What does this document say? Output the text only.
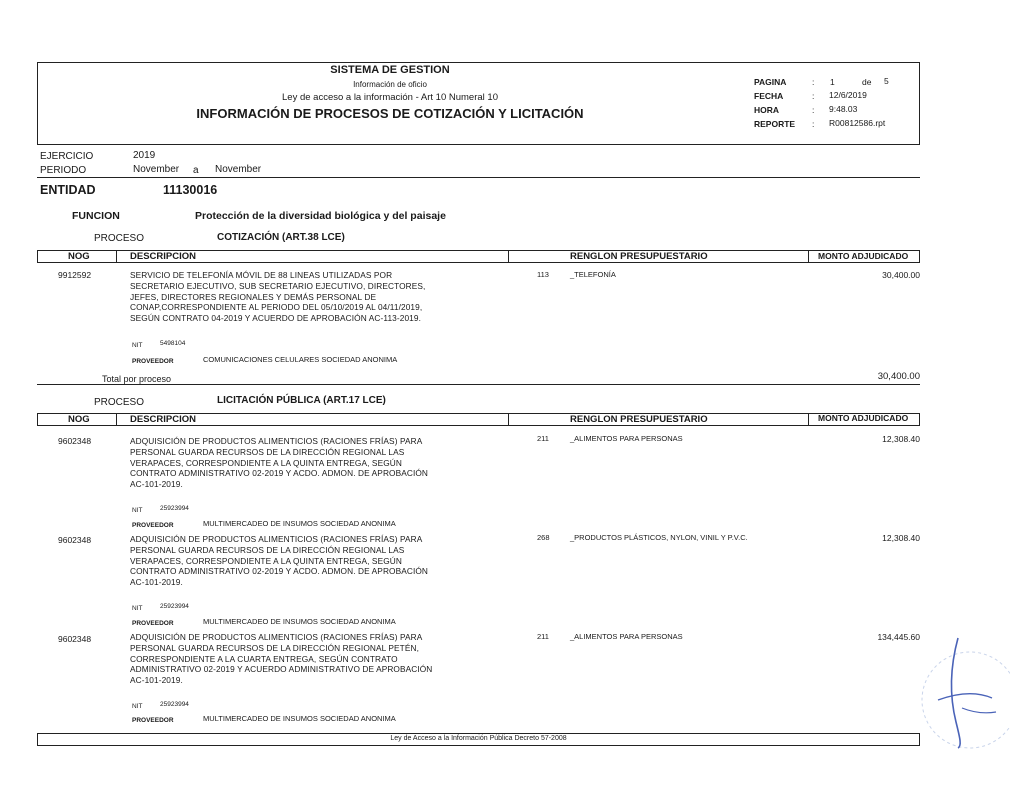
SISTEMA DE GESTION
Información de oficio
Ley de acceso a la información - Art 10 Numeral 10
INFORMACIÓN DE PROCESOS DE COTIZACIÓN Y LICITACIÓN
PAGINA	: 1	de 5
FECHA	: 12/6/2019
HORA	: 9:48.03
REPORTE : R00812586.rpt
EJERCICIO	2019
PERIODO	November a November
ENTIDAD	11130016
FUNCION	Protección de la diversidad biológica y del paisaje
PROCESO	COTIZACIÓN (ART.38 LCE)
NOG	DESCRIPCION	RENGLON PRESUPUESTARIO	MONTO ADJUDICADO
9912592	SERVICIO DE TELEFONÍA MÓVIL DE 88 LINEAS UTILIZADAS POR
SECRETARIO EJECUTIVO, SUB SECRETARIO EJECUTIVO, DIRECTORES,
JEFES, DIRECTORES REGIONALES Y DEMÁS PERSONAL DE
CONAP,CORRESPONDIENTE AL PERIODO DEL 05/10/2019 AL 04/11/2019,
SEGÚN CONTRATO 04-2019 Y ACUERDO DE APROBACIÓN AC-113-2019.
NIT	5498104
PROVEEDOR	COMUNICACIONES CELULARES SOCIEDAD ANONIMA
113	_TELEFONÍA	30,400.00
Total por proceso	30,400.00
PROCESO	LICITACIÓN PÚBLICA (ART.17 LCE)
NOG	DESCRIPCION	RENGLON PRESUPUESTARIO	MONTO ADJUDICADO
9602348	ADQUISICIÓN DE PRODUCTOS ALIMENTICIOS (RACIONES FRÍAS) PARA
PERSONAL GUARDA RECURSOS DE LA DIRECCIÓN REGIONAL LAS
VERAPACES, CORRESPONDIENTE A LA QUINTA ENTREGA, SEGÚN
CONTRATO ADMINISTRATIVO 02-2019 Y ACDO. ADMON. DE APROBACIÓN
AC-101-2019.
NIT	25923994
PROVEEDOR	MULTIMERCADEO DE INSUMOS SOCIEDAD ANONIMA
211	_ALIMENTOS PARA PERSONAS	12,308.40
9602348	ADQUISICIÓN DE PRODUCTOS ALIMENTICIOS (RACIONES FRÍAS) PARA
PERSONAL GUARDA RECURSOS DE LA DIRECCIÓN REGIONAL LAS
VERAPACES, CORRESPONDIENTE A LA QUINTA ENTREGA, SEGÚN
CONTRATO ADMINISTRATIVO 02-2019 Y ACDO. ADMON. DE APROBACIÓN
AC-101-2019.
NIT	25923994
PROVEEDOR	MULTIMERCADEO DE INSUMOS SOCIEDAD ANONIMA
268	_PRODUCTOS PLÁSTICOS, NYLON, VINIL Y P.V.C.	12,308.40
9602348	ADQUISICIÓN DE PRODUCTOS ALIMENTICIOS (RACIONES FRÍAS) PARA
PERSONAL GUARDA RECURSOS DE LA DIRECCIÓN REGIONAL PETÉN,
CORRESPONDIENTE A LA CUARTA ENTREGA, SEGÚN CONTRATO
ADMINISTRATIVO 02-2019 Y ACUERDO ADMINISTRATIVO DE APROBACIÓN
AC-101-2019.
NIT	25923994
PROVEEDOR	MULTIMERCADEO DE INSUMOS SOCIEDAD ANONIMA
211	_ALIMENTOS PARA PERSONAS	134,445.60
Ley de Acceso a la Información Pública Decreto 57-2008
